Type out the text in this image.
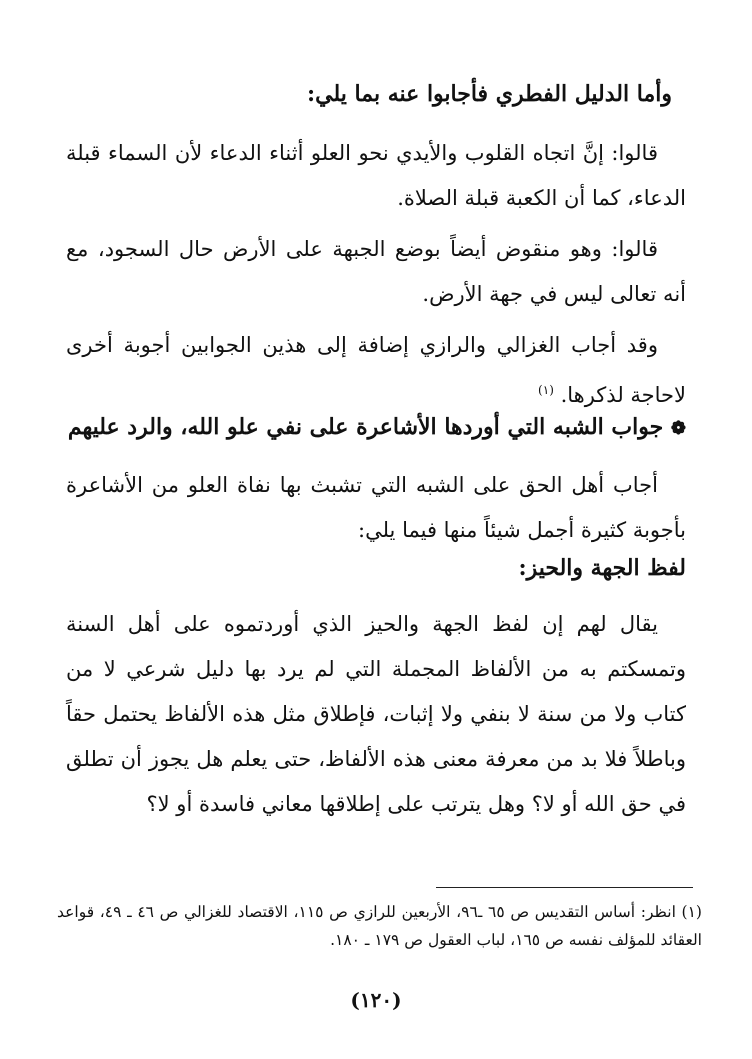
وأما الدليل الفطري فأجابوا عنه بما يلي:

قالوا: إنَّ اتجاه القلوب والأيدي نحو العلو أثناء الدعاء لأن السماء قبلة الدعاء، كما أن الكعبة قبلة الصلاة.

قالوا: وهو منقوض أيضاً بوضع الجبهة على الأرض حال السجود، مع أنه تعالى ليس في جهة الأرض.

وقد أجاب الغزالي والرازي إضافة إلى هذين الجوابين أجوبة أخرى لاحاجة لذكرها. $^{(١)}$

❁ جواب الشبه التي أوردها الأشاعرة على نفي علو الله، والرد عليهم

أجاب أهل الحق على الشبه التي تشبث بها نفاة العلو من الأشاعرة بأجوبة كثيرة أجمل شيئاً منها فيما يلي:

لفظ الجهة والحيز:

يقال لهم إن لفظ الجهة والحيز الذي أوردتموه على أهل السنة وتمسكتم به من الألفاظ المجملة التي لم يرد بها دليل شرعي لا من كتاب ولا من سنة لا بنفي ولا إثبات، فإطلاق مثل هذه الألفاظ يحتمل حقاً وباطلاً فلا بد من معرفة معنى هذه الألفاظ، حتى يعلم هل يجوز أن تطلق في حق الله أو لا؟ وهل يترتب على إطلاقها معاني فاسدة أو لا؟

(١) انظر: أساس التقديس ص ٦٥ ـ٩٦، الأربعين للرازي ص ١١٥، الاقتصاد للغزالي ص ٤٦ ـ ٤٩، قواعد العقائد للمؤلف نفسه ص ١٦٥، لباب العقول ص ١٧٩ ـ ١٨٠.

(١٢٠)
